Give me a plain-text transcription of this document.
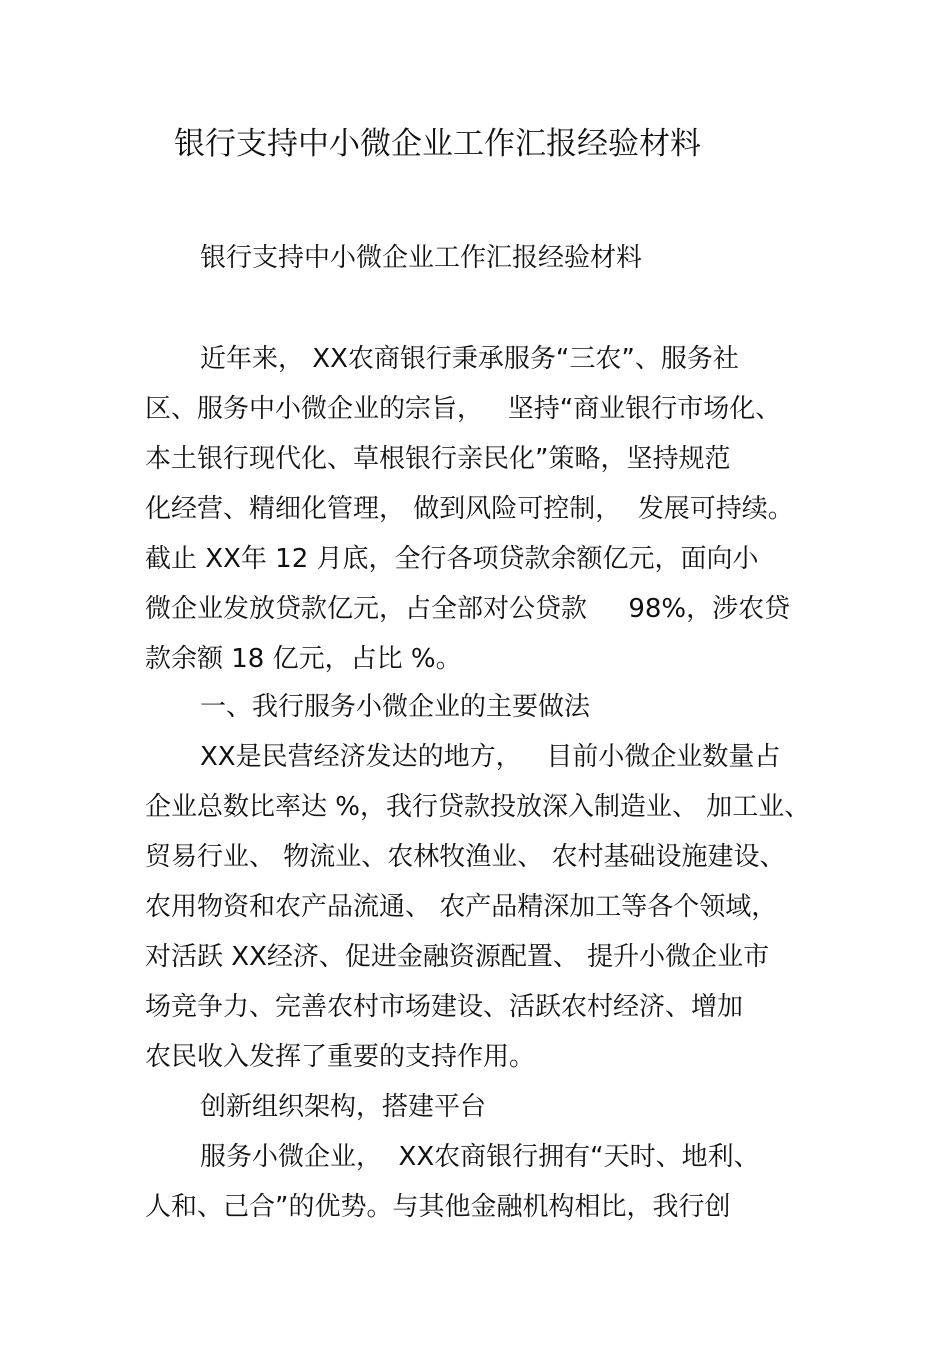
银行支持中小微企业工作汇报经验材料
银行支持中小微企业工作汇报经验材料
近年来， XX农商银行秉承服务“三农”、服务社
区、服务中小微企业的宗旨，   坚持“商业银行市场化、
本土银行现代化、草根银行亲民化”策略，坚持规范
化经营、精细化管理， 做到风险可控制，  发展可持续。
截止 XX年 12 月底，全行各项贷款余额亿元，面向小
微企业发放贷款亿元，占全部对公贷款     98%，涉农贷
款余额 18 亿元，占比 %。
一、我行服务小微企业的主要做法
XX是民营经济发达的地方，   目前小微企业数量占
企业总数比率达 %，我行贷款投放深入制造业、 加工业、
贸易行业、 物流业、农林牧渔业、 农村基础设施建设、
农用物资和农产品流通、 农产品精深加工等各个领域，
对活跃 XX经济、促进金融资源配置、 提升小微企业市
场竞争力、完善农村市场建设、活跃农村经济、增加
农民收入发挥了重要的支持作用。
创新组织架构，搭建平台
服务小微企业，  XX农商银行拥有“天时、地利、
人和、己合”的优势。与其他金融机构相比，我行创
